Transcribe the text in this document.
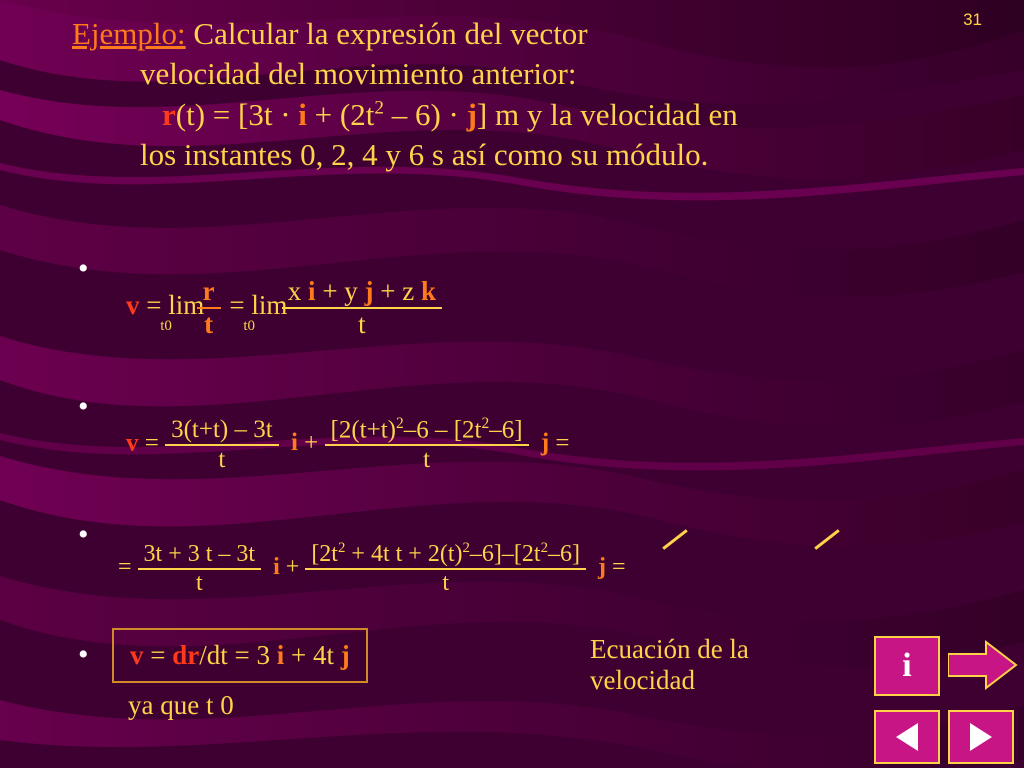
31
Ejemplo: Calcular la expresión del vector
velocidad del movimiento anterior:
$r(t) = [3t \cdot i + (2t^2 - 6) \cdot j]$ m y la velocidad en
los instantes 0, 2, 4 y 6 s así como su módulo.
•
$v = \lim_{t0} \frac{r}{t} = \lim_{t0} \frac{\text{x i + y j + z k}}{t}$
•
$v = \frac{3(t+t) - 3t}{t}$ $i + \frac{[2(t+t)^2-6 - [2t^2-6]}{t}$ j =
•
= $\frac{3t + 3 t - 3t}{t}$ $i + \frac{[2t^2 + 4t t + 2(t)^2-6]-[2t^2-6]}{t}$ j =
•	v = dr/dt = 3 i + 4t j
ya que t 0
Ecuación de la
velocidad	i
